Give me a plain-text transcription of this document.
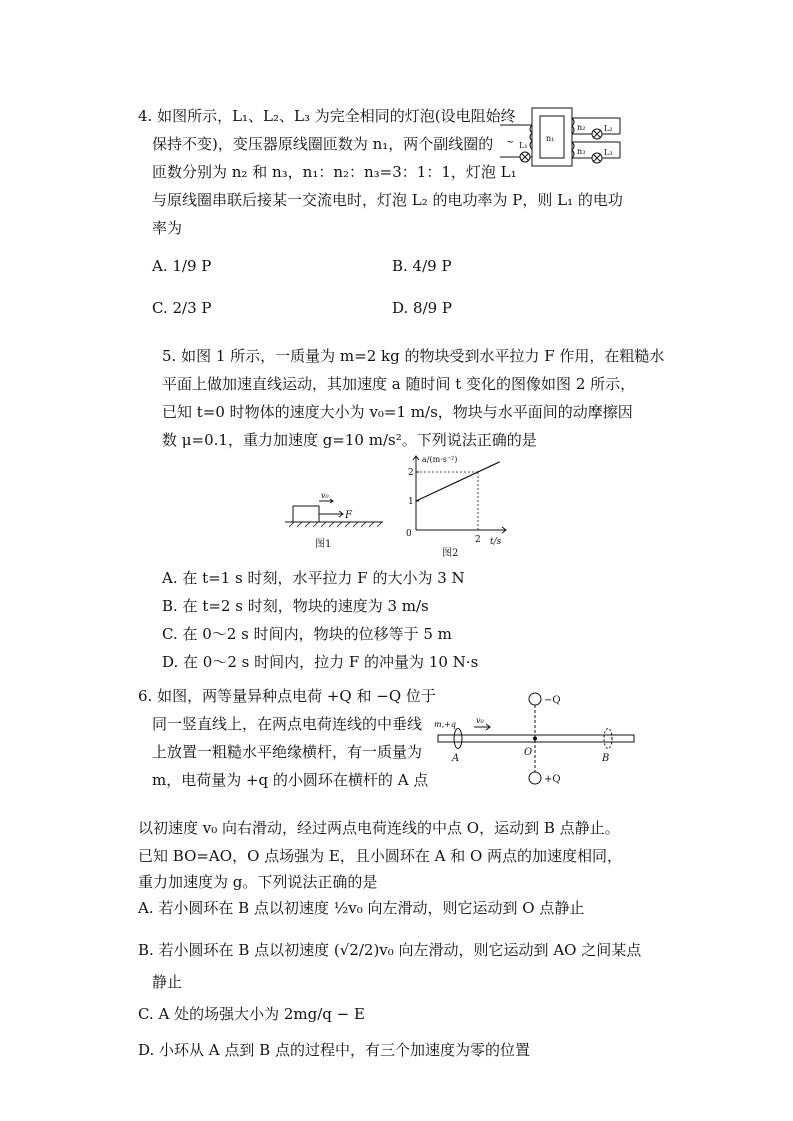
4. 如图所示，L₁、L₂、L₃ 为完全相同的灯泡(设电阻始终
保持不变)，变压器原线圈匝数为 n₁，两个副线圈的
匝数分别为 n₂ 和 n₃，n₁：n₂：n₃=3：1：1，灯泡 L₁
与原线圈串联后接某一交流电时，灯泡 L₂ 的电功率为 P，则 L₁ 的电功
率为
A. 1/9 P	B. 4/9 P
C. 2/3 P	D. 8/9 P
~	n₁
n₂
n₃
L₁
L₂
L₃
5. 如图 1 所示，一质量为 m=2 kg 的物块受到水平拉力 F 作用，在粗糙水
平面上做加速直线运动，其加速度 a 随时间 t 变化的图像如图 2 所示，
已知 t=0 时物体的速度大小为 v₀=1 m/s，物块与水平面间的动摩擦因
数 μ=0.1，重力加速度 g=10 m/s²。下列说法正确的是
v₀
F
图1
a/(m·s⁻²)
t/s
0
1
2
2
图2
A. 在 t=1 s 时刻，水平拉力 F 的大小为 3 N
B. 在 t=2 s 时刻，物块的速度为 3 m/s
C. 在 0～2 s 时间内，物块的位移等于 5 m
D. 在 0～2 s 时间内，拉力 F 的冲量为 10 N·s
6. 如图，两等量异种点电荷 +Q 和 −Q 位于
同一竖直线上，在两点电荷连线的中垂线
上放置一粗糙水平绝缘横杆，有一质量为
m，电荷量为 +q 的小圆环在横杆的 A 点
−Q
+Q
m,+q	v₀
A
O
B
以初速度 v₀ 向右滑动，经过两点电荷连线的中点 O，运动到 B 点静止。
已知 BO=AO，O 点场强为 E，且小圆环在 A 和 O 两点的加速度相同，
重力加速度为 g。下列说法正确的是
A. 若小圆环在 B 点以初速度 ½v₀ 向左滑动，则它运动到 O 点静止
B. 若小圆环在 B 点以初速度 (√2/2)v₀ 向左滑动，则它运动到 AO 之间某点
静止
C. A 处的场强大小为 2mg/q − E
D. 小环从 A 点到 B 点的过程中，有三个加速度为零的位置
